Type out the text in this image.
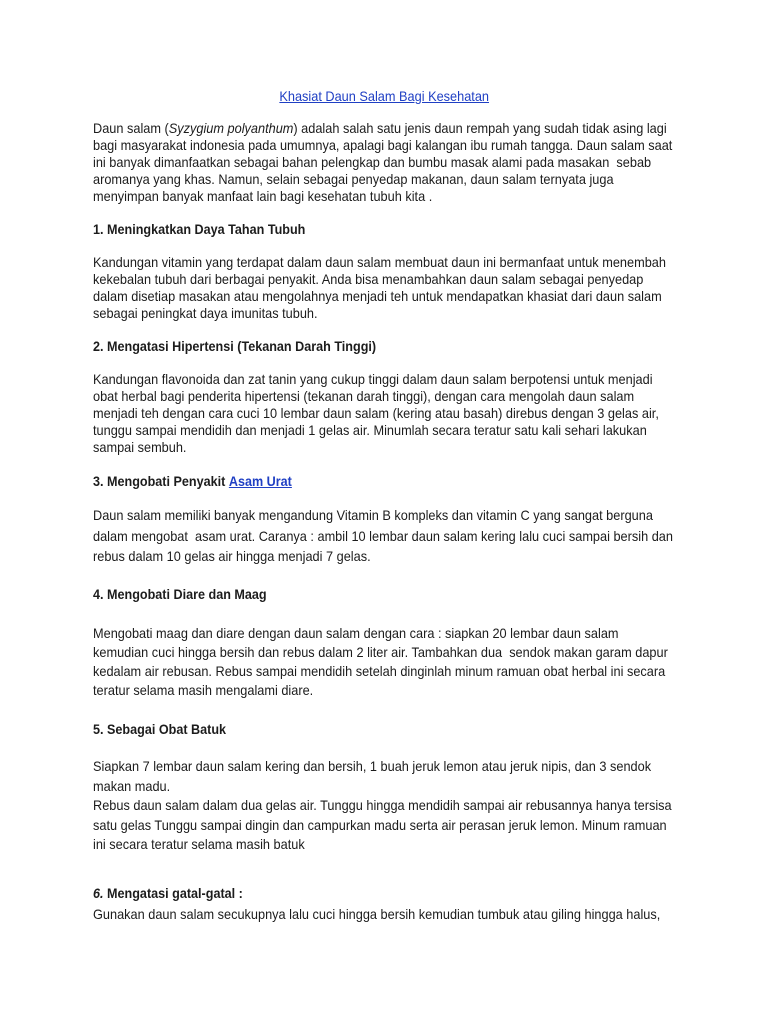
Khasiat Daun Salam Bagi Kesehatan
Daun salam (Syzygium polyanthum) adalah salah satu jenis daun rempah yang sudah tidak asing lagi
bagi masyarakat indonesia pada umumnya, apalagi bagi kalangan ibu rumah tangga. Daun salam saat
ini banyak dimanfaatkan sebagai bahan pelengkap dan bumbu masak alami pada masakan  sebab
aromanya yang khas. Namun, selain sebagai penyedap makanan, daun salam ternyata juga
menyimpan banyak manfaat lain bagi kesehatan tubuh kita .
1. Meningkatkan Daya Tahan Tubuh
Kandungan vitamin yang terdapat dalam daun salam membuat daun ini bermanfaat untuk menembah
kekebalan tubuh dari berbagai penyakit. Anda bisa menambahkan daun salam sebagai penyedap
dalam disetiap masakan atau mengolahnya menjadi teh untuk mendapatkan khasiat dari daun salam
sebagai peningkat daya imunitas tubuh.
2. Mengatasi Hipertensi (Tekanan Darah Tinggi)
Kandungan flavonoida dan zat tanin yang cukup tinggi dalam daun salam berpotensi untuk menjadi
obat herbal bagi penderita hipertensi (tekanan darah tinggi), dengan cara mengolah daun salam
menjadi teh dengan cara cuci 10 lembar daun salam (kering atau basah) direbus dengan 3 gelas air,
tunggu sampai mendidih dan menjadi 1 gelas air. Minumlah secara teratur satu kali sehari lakukan
sampai sembuh.
3. Mengobati Penyakit Asam Urat
Daun salam memiliki banyak mengandung Vitamin B kompleks dan vitamin C yang sangat berguna
dalam mengobat  asam urat. Caranya : ambil 10 lembar daun salam kering lalu cuci sampai bersih dan
rebus dalam 10 gelas air hingga menjadi 7 gelas.
4. Mengobati Diare dan Maag
Mengobati maag dan diare dengan daun salam dengan cara : siapkan 20 lembar daun salam
kemudian cuci hingga bersih dan rebus dalam 2 liter air. Tambahkan dua  sendok makan garam dapur
kedalam air rebusan. Rebus sampai mendidih setelah dinginlah minum ramuan obat herbal ini secara
teratur selama masih mengalami diare.
5. Sebagai Obat Batuk
Siapkan 7 lembar daun salam kering dan bersih, 1 buah jeruk lemon atau jeruk nipis, dan 3 sendok
makan madu.
Rebus daun salam dalam dua gelas air. Tunggu hingga mendidih sampai air rebusannya hanya tersisa
satu gelas Tunggu sampai dingin dan campurkan madu serta air perasan jeruk lemon. Minum ramuan
ini secara teratur selama masih batuk
6. Mengatasi gatal-gatal :
Gunakan daun salam secukupnya lalu cuci hingga bersih kemudian tumbuk atau giling hingga halus,
